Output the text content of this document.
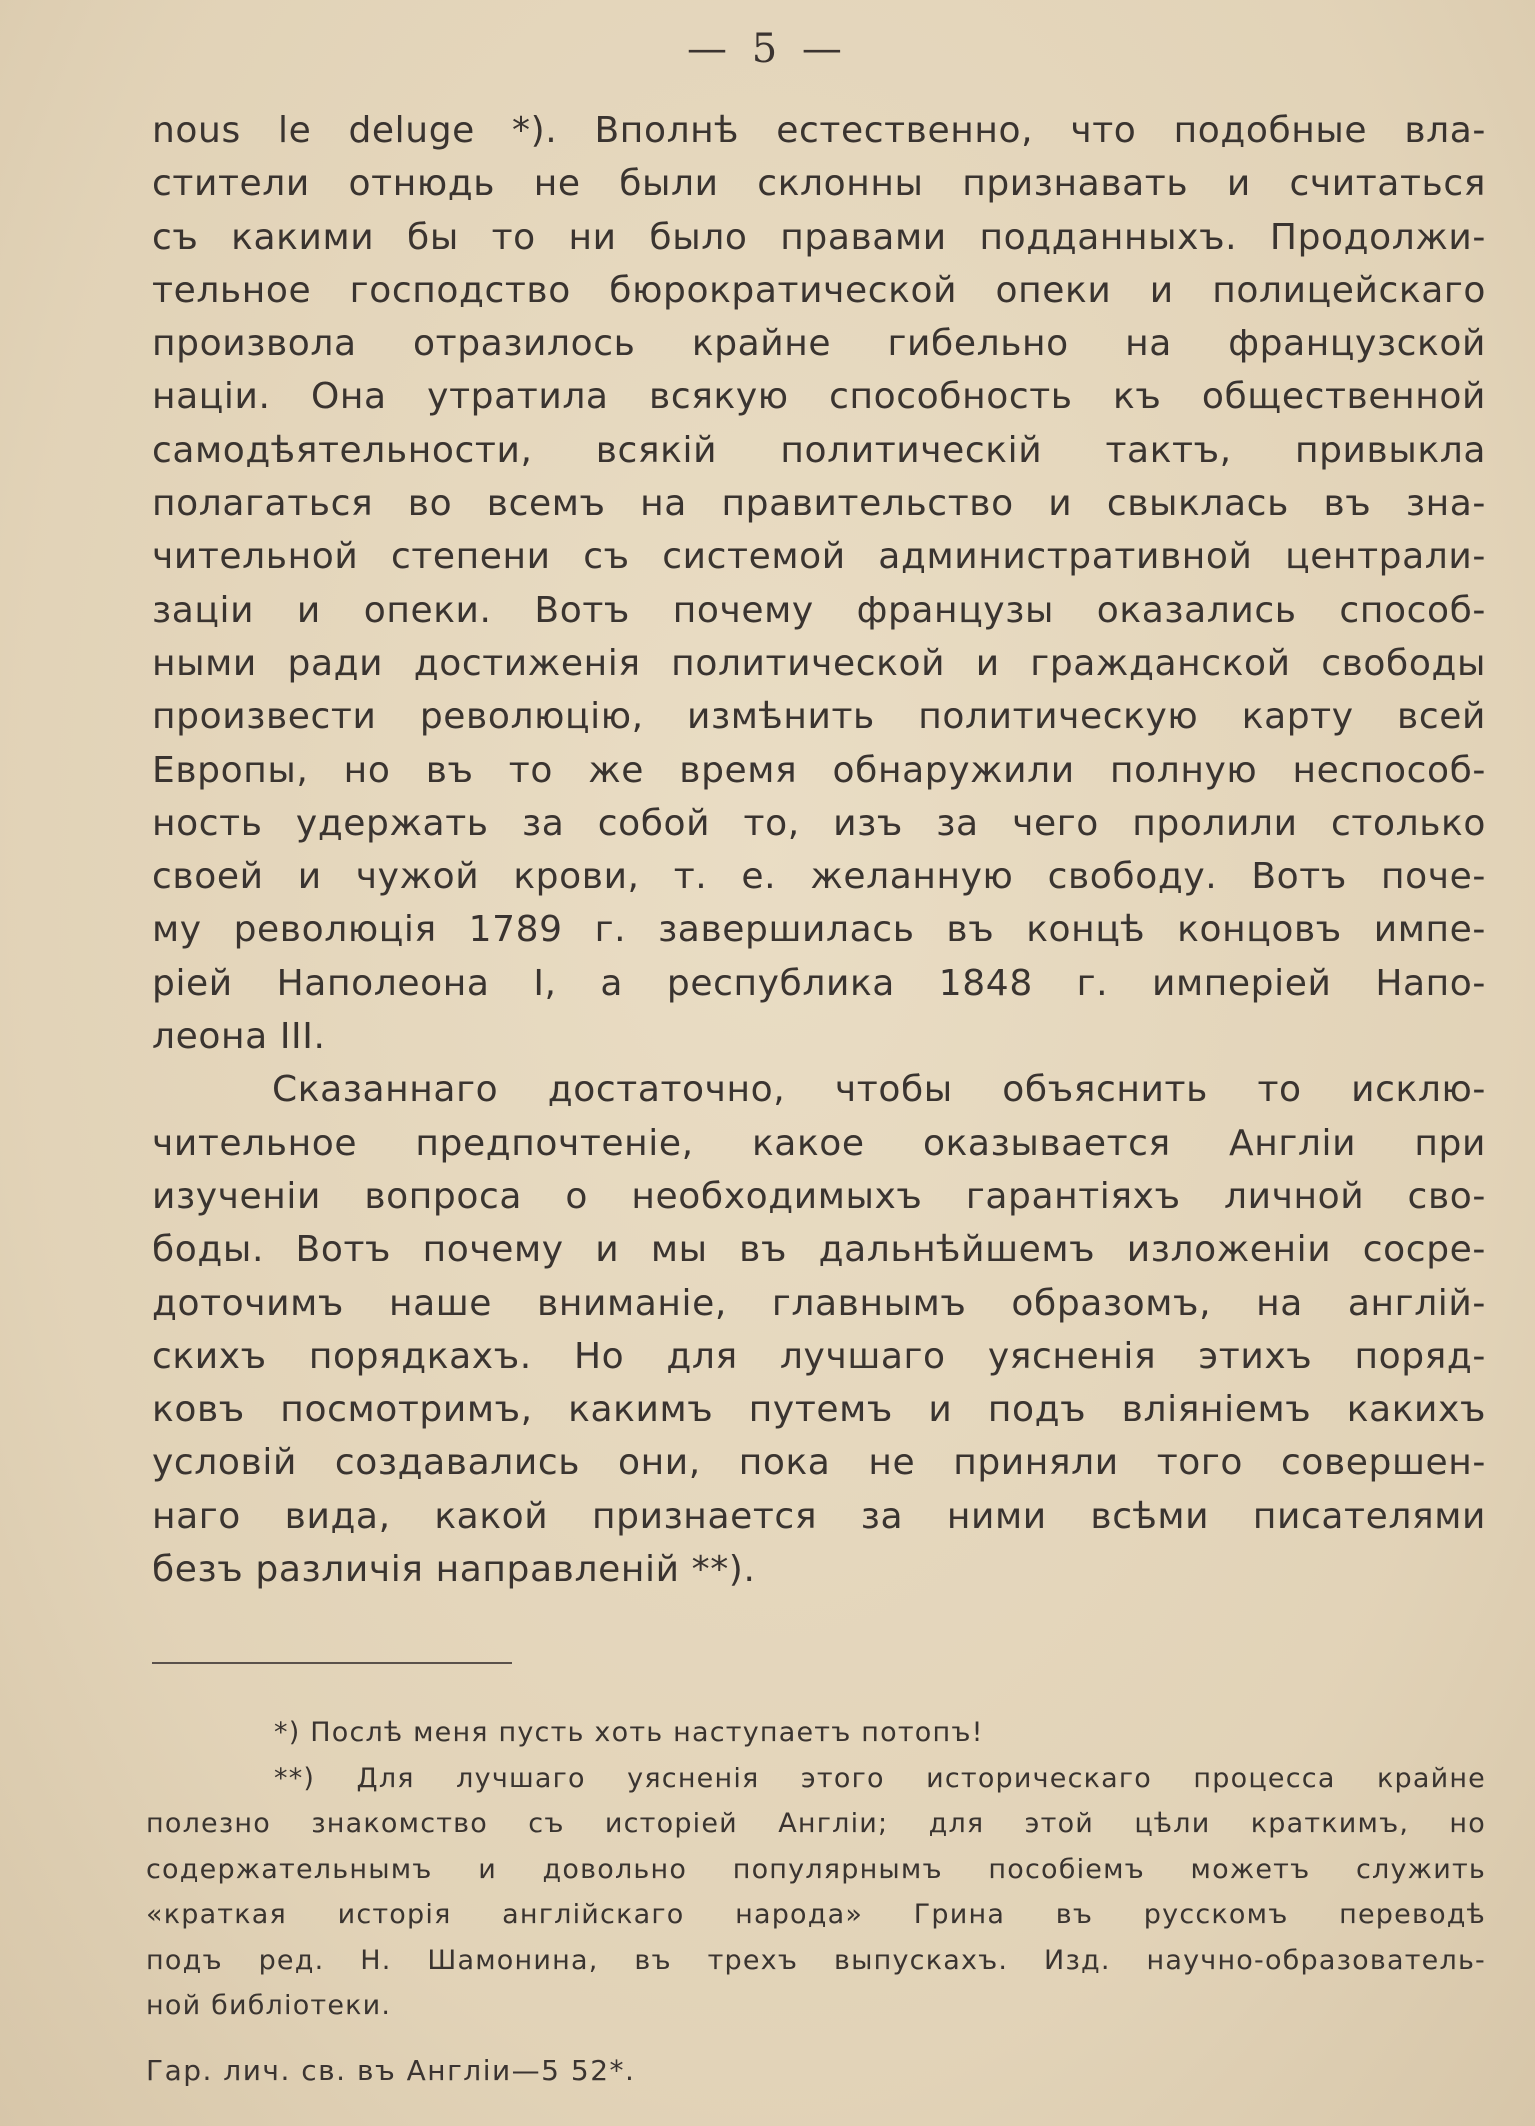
— 5 —
nous le deluge *). Вполнѣ естественно, что подобные вла-
стители отнюдь не были склонны признавать и считаться
съ какими бы то ни было правами подданныхъ. Продолжи-
тельное господство бюрократической опеки и полицейскаго
произвола отразилось крайне гибельно на французской
націи. Она утратила всякую способность къ общественной
самодѣятельности, всякій политическій тактъ, привыкла
полагаться во всемъ на правительство и свыклась въ зна-
чительной степени съ системой административной централи-
заціи и опеки. Вотъ почему французы оказались способ-
ными ради достиженія политической и гражданской свободы
произвести революцію, измѣнить политическую карту всей
Европы, но въ то же время обнаружили полную неспособ-
ность удержать за собой то, изъ за чего пролили столько
своей и чужой крови, т. е. желанную свободу. Вотъ поче-
му революція 1789 г. завершилась въ концѣ концовъ импе-
ріей Наполеона I, а республика 1848 г. имперіей Напо-
леона III.
Сказаннаго достаточно, чтобы объяснить то исклю-
чительное предпочтеніе, какое оказывается Англіи при
изученіи вопроса о необходимыхъ гарантіяхъ личной сво-
боды. Вотъ почему и мы въ дальнѣйшемъ изложеніи сосре-
доточимъ наше вниманіе, главнымъ образомъ, на англій-
скихъ порядкахъ. Но для лучшаго уясненія этихъ поряд-
ковъ посмотримъ, какимъ путемъ и подъ вліяніемъ какихъ
условій создавались они, пока не приняли того совершен-
наго вида, какой признается за ними всѣми писателями
безъ различія направленій **).
*) Послѣ меня пусть хоть наступаетъ потопъ!
**) Для лучшаго уясненія этого историческаго процесса крайне
полезно знакомство съ исторіей Англіи; для этой цѣли краткимъ, но
содержательнымъ и довольно популярнымъ пособіемъ можетъ служить
«краткая исторія англійскаго народа» Грина въ русскомъ переводѣ
подъ ред. Н. Шамонина, въ трехъ выпускахъ. Изд. научно-образователь-
ной библіотеки.
Гар. лич. св. въ Англіи—5 52*.
